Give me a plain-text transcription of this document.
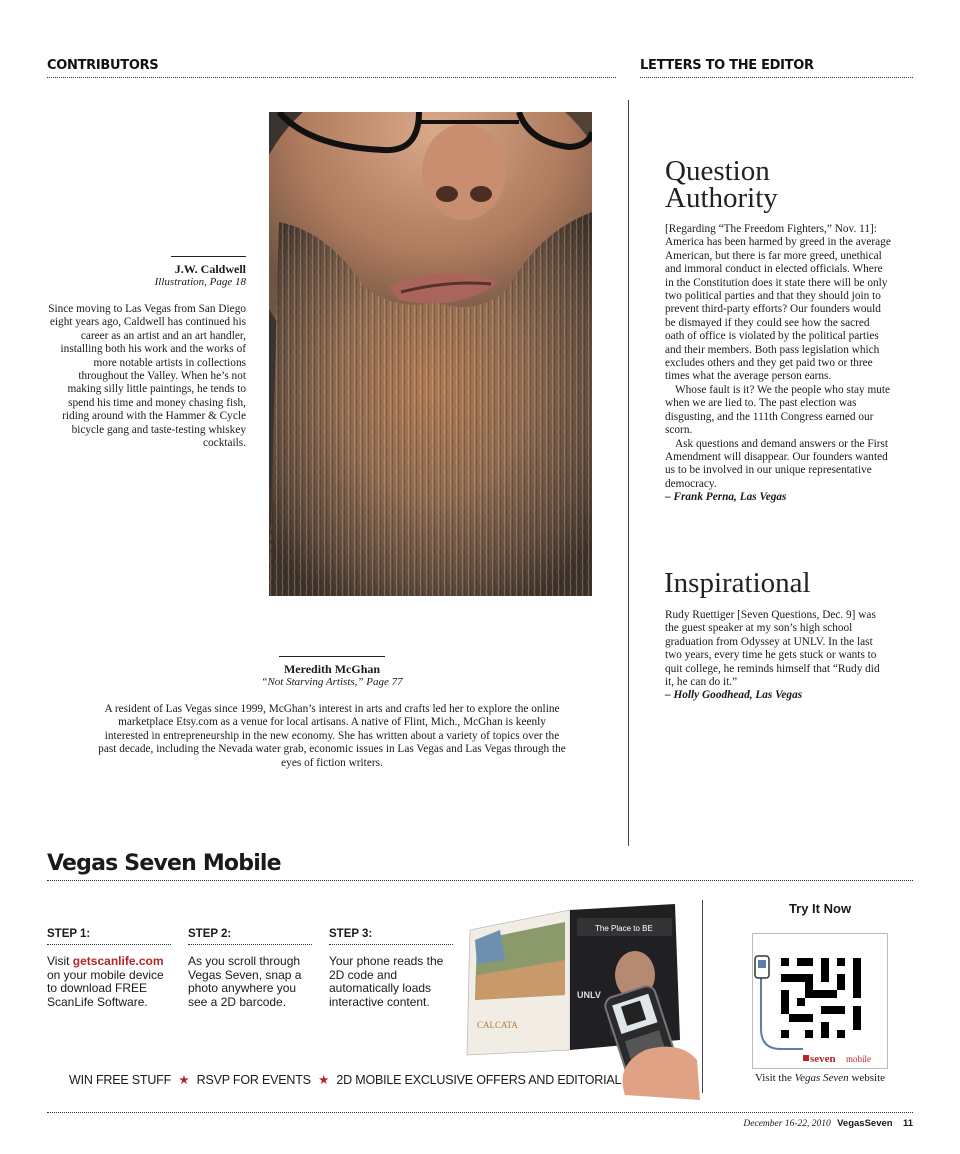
CONTRIBUTORS	LETTERS TO THE EDITOR
J.W. Caldwell
Illustration, Page 18
Since moving to Las Vegas from San Diego eight years ago, Caldwell has continued his career as an artist and an art handler, installing both his work and the works of more notable artists in collections throughout the Valley. When he’s not making silly little paintings, he tends to spend his time and money chasing fish, riding around with the Hammer & Cycle bicycle gang and taste-testing whiskey cocktails.
Meredith McGhan
“Not Starving Artists,” Page 77
A resident of Las Vegas since 1999, McGhan’s interest in arts and crafts led her to explore the online marketplace Etsy.com as a venue for local artisans. A native of Flint, Mich., McGhan is keenly interested in entrepreneurship in the new economy. She has written about a variety of topics over the past decade, including the Nevada water grab, economic issues in Las Vegas and Las Vegas through the eyes of fiction writers.
Question
Authority
[Regarding “The Freedom Fighters,” Nov. 11]: America has been harmed by greed in the average American, but there is far more greed, unethical and immoral conduct in elected officials. Where in the Constitution does it state there will be only two political parties and that they should join to prevent third-party efforts? Our founders would be dismayed if they could see how the sacred oath of office is violated by the political parties and their members. Both pass legislation which excludes others and they get paid two or three times what the average person earns.
Whose fault is it? We the people who stay mute when we are lied to. The past election was disgusting, and the 111th Congress earned our scorn.
Ask questions and demand answers or the First Amendment will disappear. Our founders wanted us to be involved in our unique representative democracy.
– Frank Perna, Las Vegas
Inspirational
Rudy Ruettiger [Seven Questions, Dec. 9] was the guest speaker at my son’s high school graduation from Odyssey at UNLV. In the last two years, every time he gets stuck or wants to quit college, he reminds himself that “Rudy did it, he can do it.”
– Holly Goodhead, Las Vegas
Vegas Seven Mobile
STEP 1:
Visit getscanlife.com on your mobile device to download FREE ScanLife Software.
STEP 2:
As you scroll through Vegas Seven, snap a photo anywhere you see a 2D barcode.
STEP 3:
Your phone reads the 2D code and automatically loads interactive content.
The Place to BE
UNLV
CALCATA
Try It Now
seven mobile
Visit the Vegas Seven website
WIN FREE STUFF ★ RSVP FOR EVENTS ★ 2D MOBILE EXCLUSIVE OFFERS AND EDITORIAL
December 16-22, 2010 VegasSeven 11
